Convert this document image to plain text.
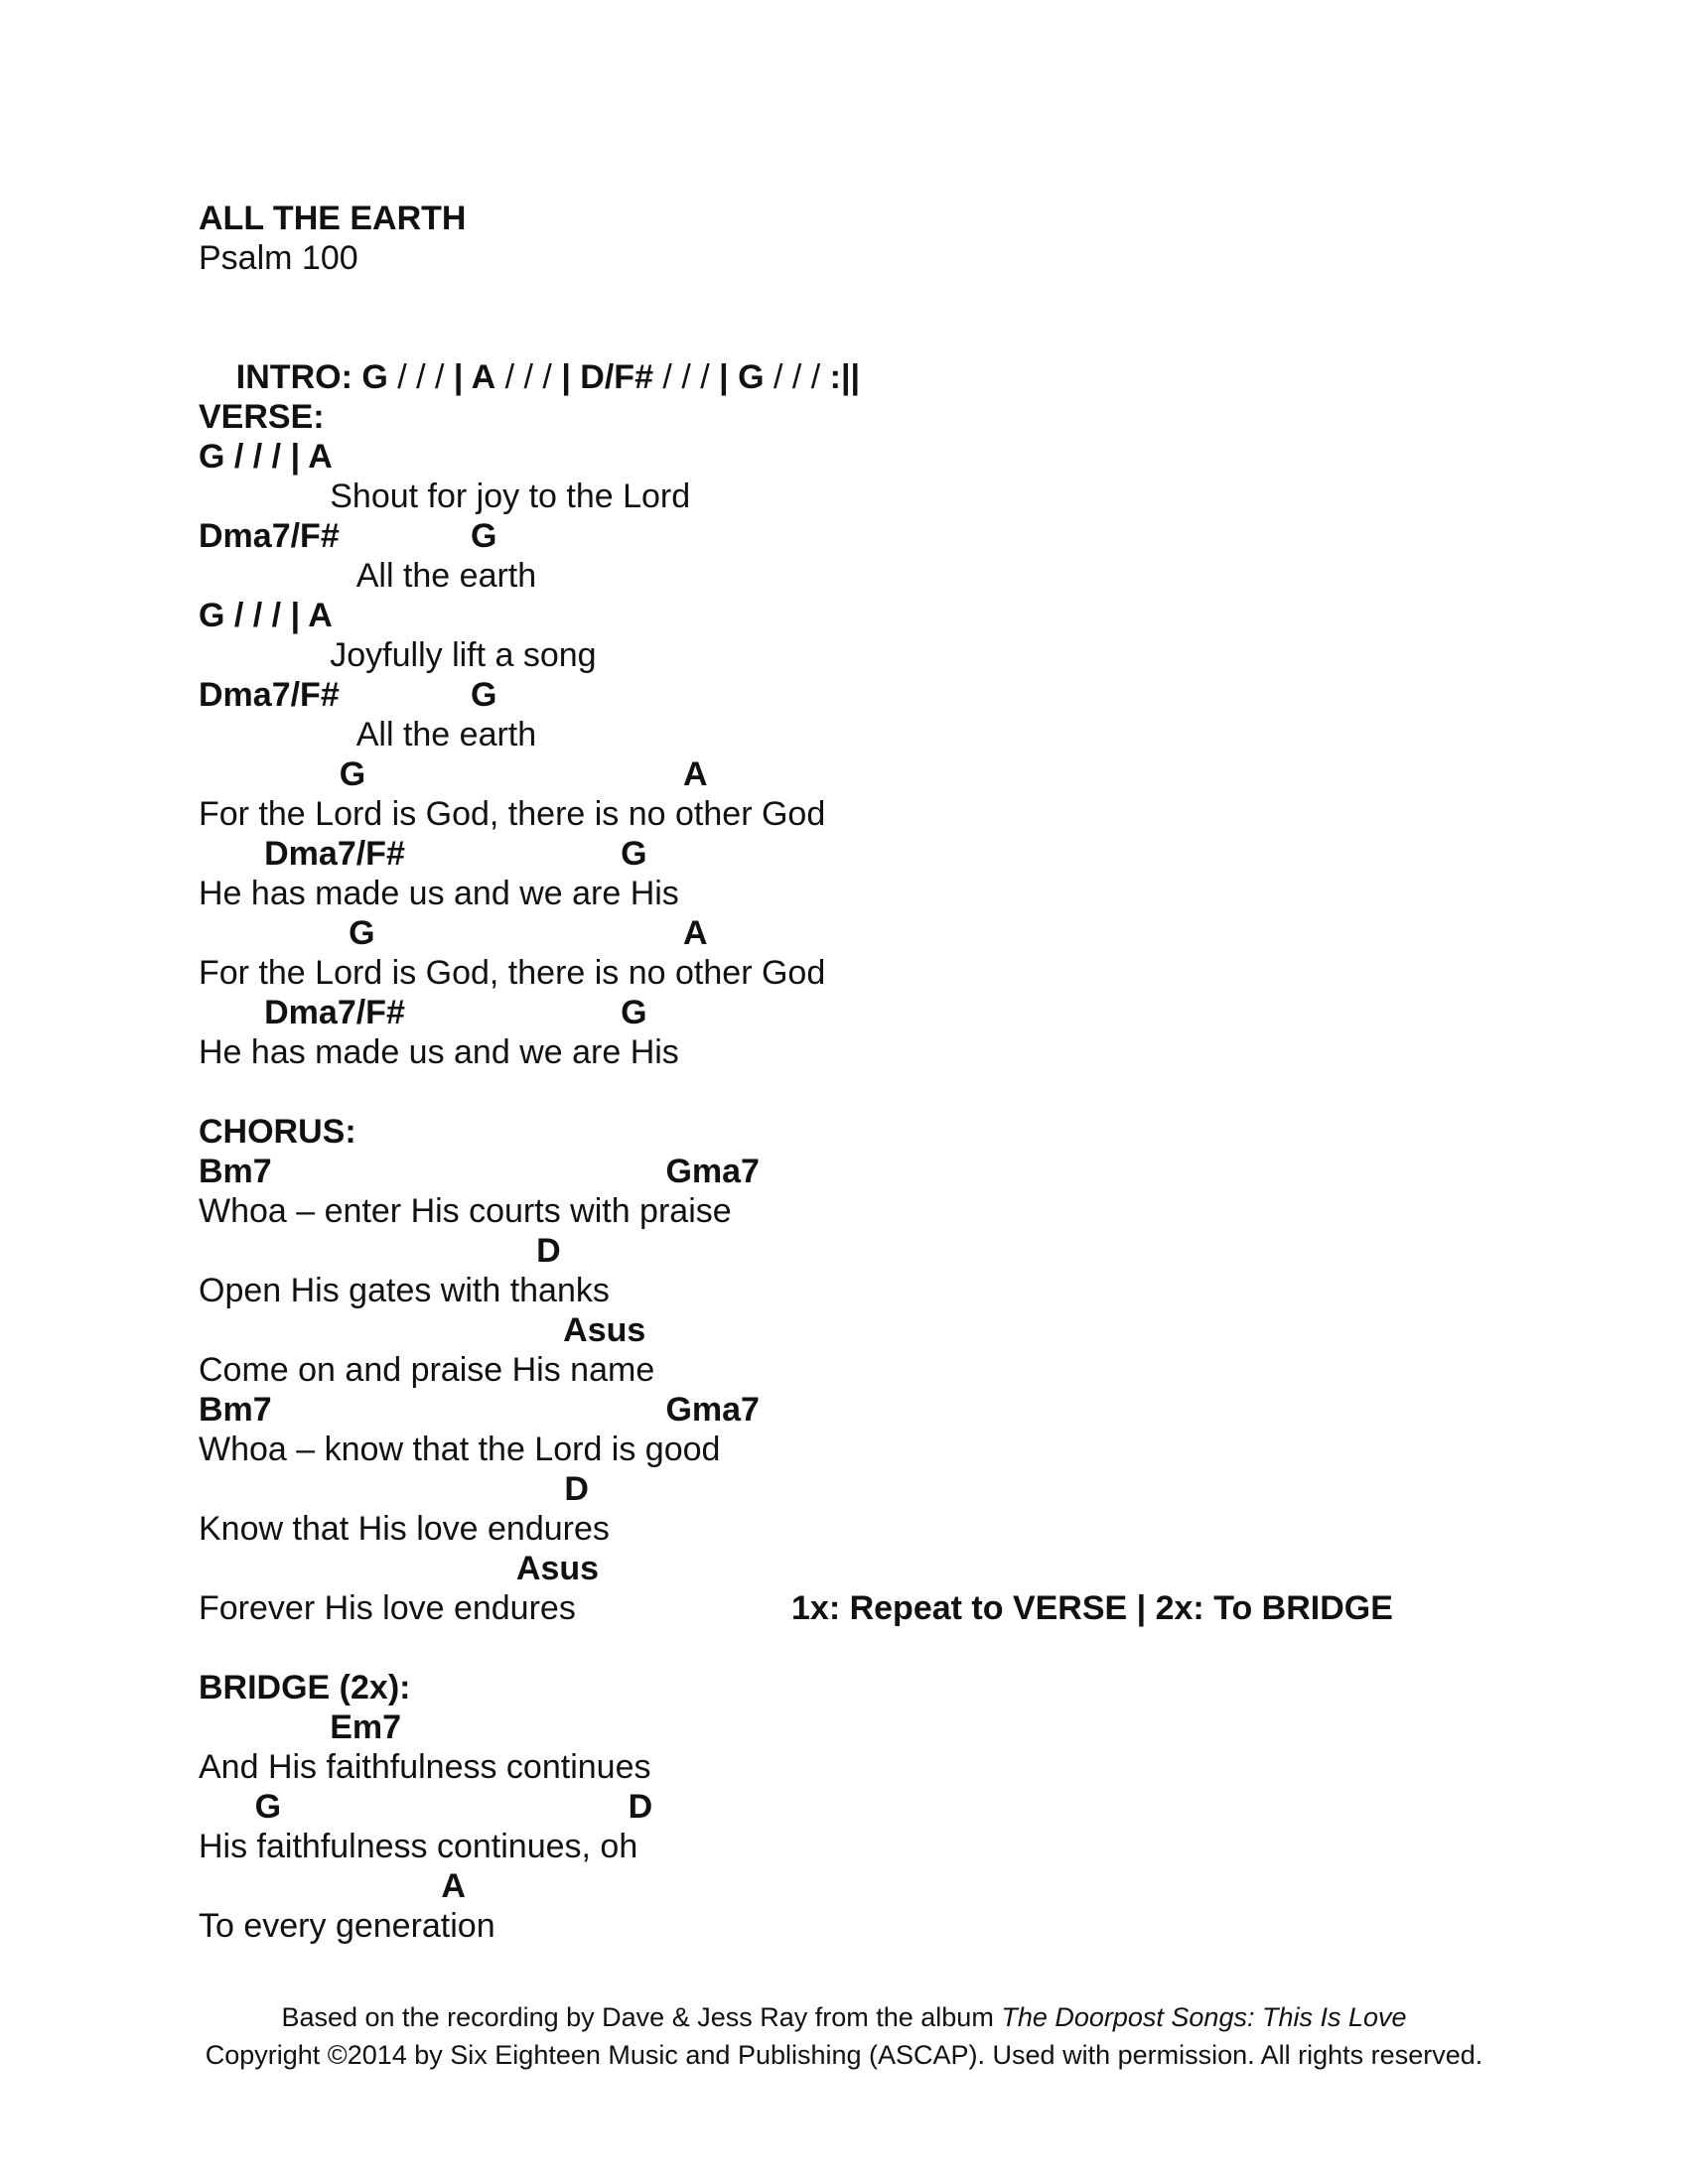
ALL THE EARTH
Psalm 100

INTRO: G / / / | A / / / | D/F# / / / | G / / / :||

VERSE:
G / / / | A
Shout for joy to the Lord
Dma7/F#              G
All the earth
G / / / | A
Joyfully lift a song
Dma7/F#              G
All the earth
G                                  A
For the Lord is God, there is no other God
Dma7/F#                       G
He has made us and we are His
G                                 A
For the Lord is God, there is no other God
Dma7/F#                       G
He has made us and we are His
CHORUS:
Bm7                                          Gma7
Whoa – enter His courts with praise
D
Open His gates with thanks
Asus
Come on and praise His name
Bm7                                          Gma7
Whoa – know that the Lord is good
D
Know that His love endures
Asus
Forever His love endures	1x: Repeat to VERSE | 2x: To BRIDGE
BRIDGE (2x):
Em7
And His faithfulness continues
G                                     D
His faithfulness continues, oh
A
To every generation
Based on the recording by Dave & Jess Ray from the album The Doorpost Songs: This Is Love
Copyright ©2014 by Six Eighteen Music and Publishing (ASCAP). Used with permission. All rights reserved.
